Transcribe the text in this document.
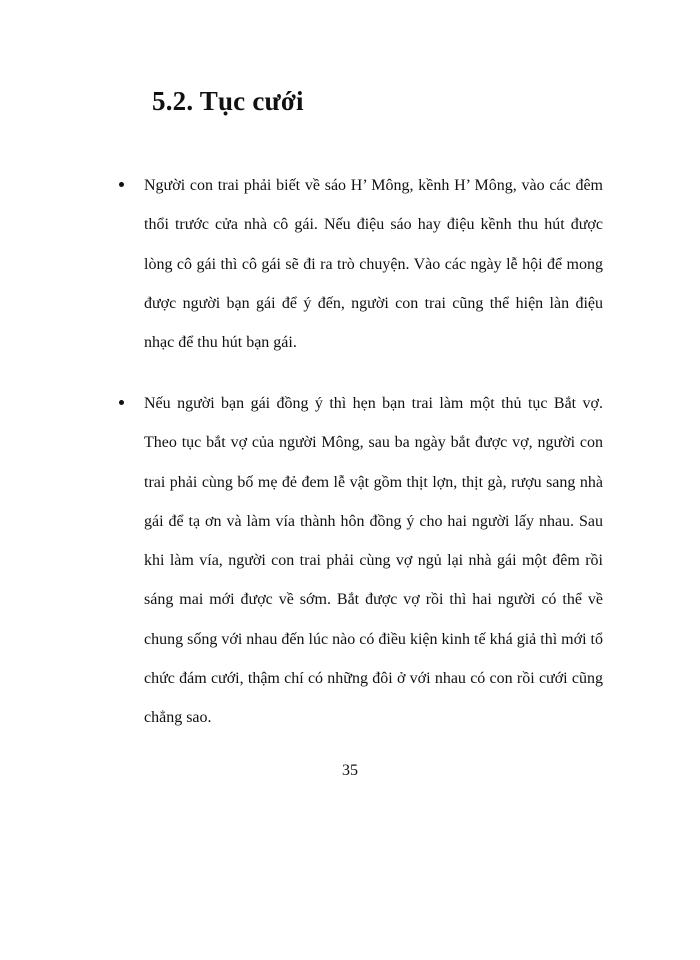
5.2. Tục cưới
Người con trai phải biết về sáo H’ Mông, kềnh H’ Mông, vào các đêm thổi trước cửa nhà cô gái. Nếu điệu sáo hay điệu kềnh thu hút được lòng cô gái thì cô gái sẽ đi ra trò chuyện. Vào các ngày lễ hội để mong được người bạn gái để ý đến, người con trai cũng thể hiện làn điệu nhạc để thu hút bạn gái.
Nếu người bạn gái đồng ý thì hẹn bạn trai làm một thủ tục Bắt vợ. Theo tục bắt vợ của người Mông, sau ba ngày bắt được vợ, người con trai phải cùng bố mẹ đẻ đem lễ vật gồm thịt lợn, thịt gà, rượu sang nhà gái để tạ ơn và làm vía thành hôn đồng ý cho hai người lấy nhau. Sau khi làm vía, người con trai phải cùng vợ ngủ lại nhà gái một đêm rồi sáng mai mới được về sớm. Bắt được vợ rồi thì hai người có thể về chung sống với nhau đến lúc nào có điều kiện kinh tế khá giả thì mới tổ chức đám cưới, thậm chí có những đôi ở với nhau có con rồi cưới cũng chẳng sao.
35
